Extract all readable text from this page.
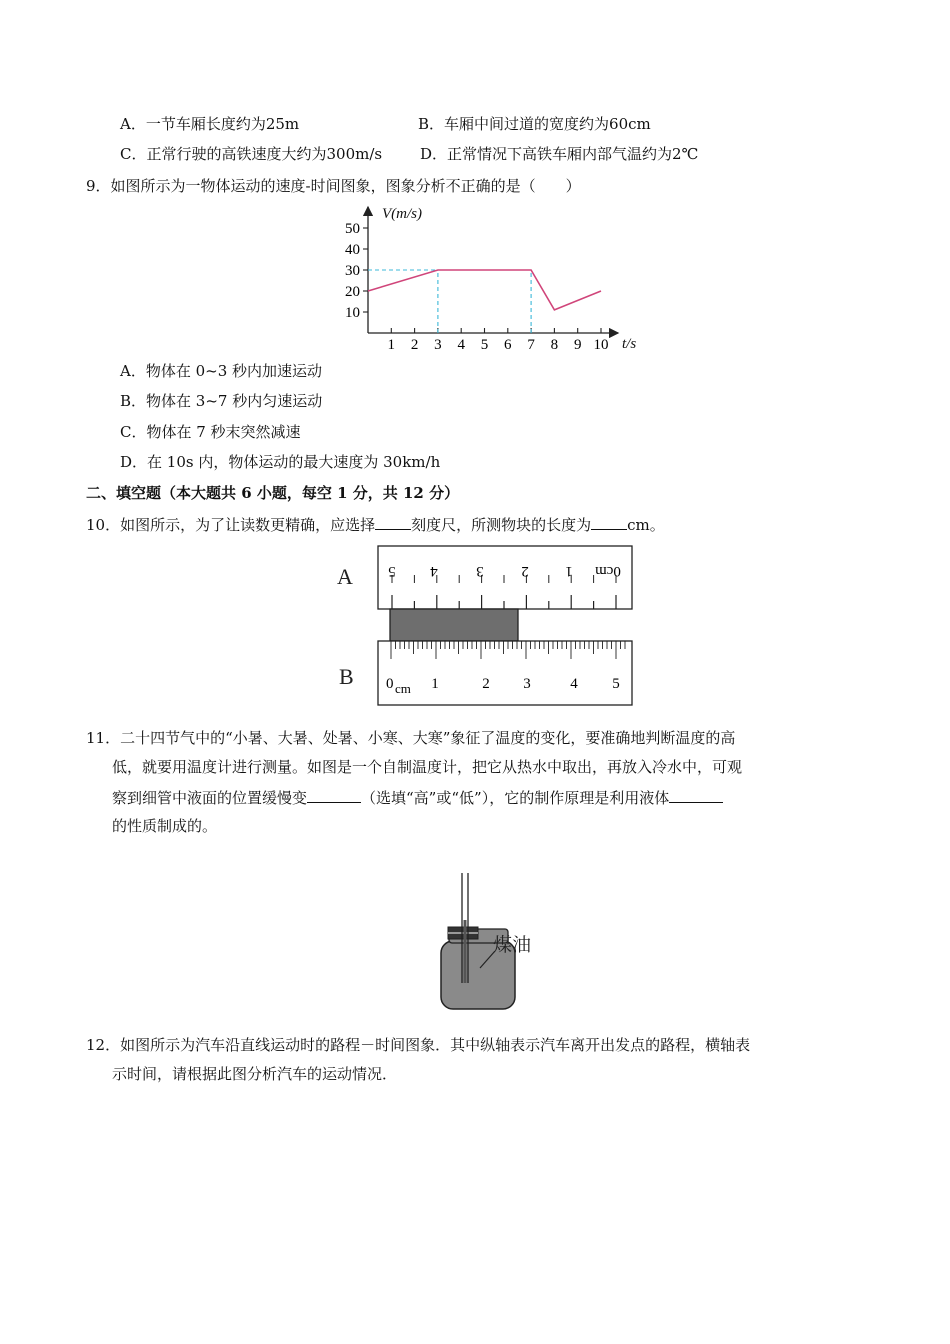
A．一节车厢长度约为25m	B．车厢中间过道的宽度约为60cm
C．正常行驶的高铁速度大约为300m/s	D．正常情况下高铁车厢内部气温约为2℃
9．如图所示为一物体运动的速度-时间图象，图象分析不正确的是（　　）
V(m/s)
t/s
1 2 3 4 5 6 7 8 9 10
10
20
30
40
50
A．物体在 0~3 秒内加速运动
B．物体在 3~7 秒内匀速运动
C．物体在 7 秒末突然减速
D．在 10s 内，物体运动的最大速度为 30km/h
二、填空题（本大题共 6 小题，每空 1 分，共 12 分）
10．如图所示，为了让读数更精确，应选择 刻度尺，所测物块的长度为 cm。
A
B
5 4	3	2 1 0cm
0 cm 1	2 3	4 5
11．二十四节气中的“小暑、大暑、处暑、小寒、大寒”象征了温度的变化，要准确地判断温度的高
低，就要用温度计进行测量。如图是一个自制温度计，把它从热水中取出，再放入冷水中，可观
察到细管中液面的位置缓慢变	（选填“高”或“低”），它的制作原理是利用液体
的性质制成的。
煤油
12．如图所示为汽车沿直线运动时的路程－时间图象．其中纵轴表示汽车离开出发点的路程，横轴表
示时间，请根据此图分析汽车的运动情况．
